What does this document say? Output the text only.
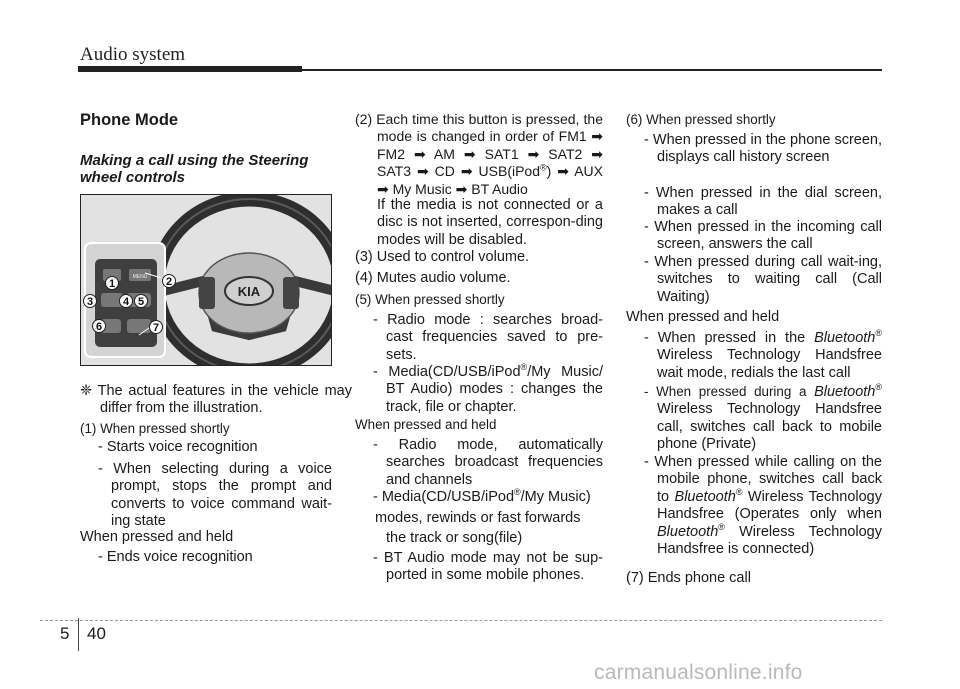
Audio system
Phone Mode
Making a call using the Steering wheel controls
KIA
MENU
1	2
3	4 5
6	7

❈ The actual features in the vehicle may differ from the illustration.

(1) When pressed shortly

- Starts voice recognition

- When selecting during a voice prompt, stops the prompt and converts to voice command wait-ing state

When pressed and held

- Ends voice recognition

(2) Each time this button is pressed, the mode is changed in order of FM1 ➡ FM2 ➡ AM ➡ SAT1 ➡ SAT2 ➡ SAT3 ➡ CD ➡ USB(iPod®) ➡ AUX ➡ My Music ➡ BT Audio

If the media is not connected or a disc is not inserted, correspon-ding modes will be disabled.

(3) Used to control volume.

(4) Mutes audio volume.

(5) When pressed shortly

- Radio mode : searches broad-cast frequencies saved to pre-sets.

- Media(CD/USB/iPod®/My Music/ BT Audio) modes : changes the track, file or chapter.

When pressed and held

- Radio mode, automatically searches broadcast frequencies and channels

- Media(CD/USB/iPod®/My Music)

modes, rewinds or fast forwards

the track or song(file)

- BT Audio mode may not be sup-ported in some mobile phones.

(6) When pressed shortly

- When pressed in the phone screen, displays call history screen

- When pressed in the dial screen, makes a call

- When pressed in the incoming call screen, answers the call

- When pressed during call wait-ing, switches to waiting call (Call Waiting)

When pressed and held

- When pressed in the Bluetooth® Wireless Technology Handsfree wait mode, redials the last call

- When pressed during a Bluetooth® Wireless Technology Handsfree call, switches call back to mobile phone (Private)

- When pressed while calling on the mobile phone, switches call back to Bluetooth® Wireless Technology Handsfree (Operates only when Bluetooth® Wireless Technology Handsfree is connected)

(7) Ends phone call

5 40
carmanualsonline.info
